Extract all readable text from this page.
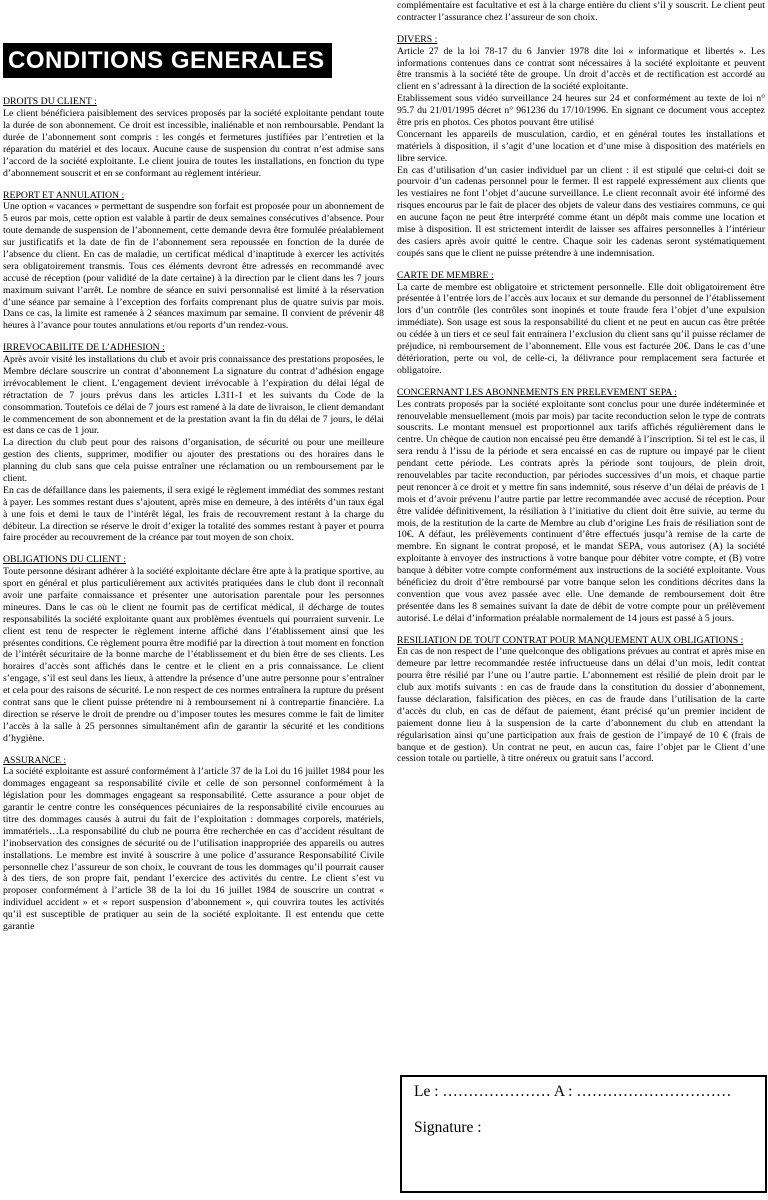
CONDITIONS GENERALES
DROITS DU CLIENT :
Le client bénéficiera paisiblement des services proposés par la société exploitante pendant toute la durée de son abonnement. Ce droit est incessible, inaliénable et non remboursable. Pendant la durée de l’abonnement sont compris : les congés et fermetures justifiées par l’entretien et la réparation du matériel et des locaux. Aucune cause de suspension du contrat n’est admise sans l’accord de la société exploitante. Le client jouira de toutes les installations, en fonction du type d’abonnement souscrit et en se conformant au règlement intérieur.
REPORT ET ANNULATION :
Une option « vacances » permettant de suspendre son forfait est proposée pour un abonnement de 5 euros par mois, cette option est valable à partir de deux semaines consécutives d’absence. Pour toute demande de suspension de l’abonnement, cette demande devra être formulée préalablement sur justificatifs et la date de fin de l’abonnement sera repoussée en fonction de la durée de l’absence du client. En cas de maladie, un certificat médical d’inaptitude à exercer les activités sera obligatoirement transmis. Tous ces éléments devront être adressés en recommandé avec accusé de réception (pour validité de la date certaine) à la direction par le client dans les 7 jours maximum suivant l’arrêt. Le nombre de séance en suivi personnalisé est limité à la réservation d’une séance par semaine à l’exception des forfaits comprenant plus de quatre suivis par mois. Dans ce cas, la limite est ramenée à 2 séances maximum par semaine. Il convient de prévenir 48 heures à l’avance pour toutes annulations et/ou reports d’un rendez-vous.
IRREVOCABILITE DE L’ADHESION :
Après avoir visité les installations du club et avoir pris connaissance des prestations proposées, le Membre déclare souscrire un contrat d’abonnement La signature du contrat d’adhésion engage irrévocablement le client. L’engagement devient irrévocable à l’expiration du délai légal de rétractation de 7 jours prévus dans les articles L311-1 et les suivants du Code de la consommation. Toutefois ce délai de 7 jours est ramené à la date de livraison, le client demandant le commencement de son abonnement et de la prestation avant la fin du délai de 7 jours, le délai est dans ce cas de 1 jour.
La direction du club peut pour des raisons d’organisation, de sécurité ou pour une meilleure gestion des clients, supprimer, modifier ou ajouter des prestations ou des horaires dans le planning du club sans que cela puisse entraîner une réclamation ou un remboursement par le client.
En cas de défaillance dans les paiements, il sera exigé le règlement immédiat des sommes restant à payer. Les sommes restant dues s’ajoutent, après mise en demeure, à des intérêts d’un taux égal à une fois et demi le taux de l’intérêt légal, les frais de recouvrement restant à la charge du débiteur. La direction se réserve le droit d’exiger la totalité des sommes restant à payer et pourra faire procéder au recouvrement de la créance par tout moyen de son choix.
OBLIGATIONS DU CLIENT :
Toute personne désirant adhérer à la société exploitante déclare être apte à la pratique sportive, au sport en général et plus particulièrement aux activités pratiquées dans le club dont il reconnaît avoir une parfaite connaissance et présenter une autorisation parentale pour les personnes mineures. Dans le cas où le client ne fournit pas de certificat médical, il décharge de toutes responsabilités la société exploitante quant aux problèmes éventuels qui pourraient survenir. Le client est tenu de respecter le règlement interne affiché dans l’établissement ainsi que les présentes conditions. Ce règlement pourra être modifié par la direction à tout moment en fonction de l’intérêt sécuritaire de la bonne marche de l’établissement et du bien être de ses clients. Les horaires d’accès sont affichés dans le centre et le client en a pris connaissance. Le client s’engage, s’il est seul dans les lieux, à attendre la présence d’une autre personne pour s’entraîner et cela pour des raisons de sécurité. Le non respect de ces normes entraînera la rupture du présent contrat sans que le client puisse prétendre ni à remboursement ni à contrepartie financière. La direction se réserve le droit de prendre ou d’imposer toutes les mesures comme le fait de limiter l’accès à la salle à 25 personnes simultanément afin de garantir la sécurité et les conditions d’hygiène.
ASSURANCE :
La société exploitante est assuré conformément à l’article 37 de la Loi du 16 juillet 1984 pour les dommages engageant sa responsabilité civile et celle de son personnel conformément à la législation pour les dommages engageant sa responsabilité. Cette assurance a pour objet de garantir le centre contre les conséquences pécuniaires de la responsabilité civile encourues au titre des dommages causés à autrui du fait de l’exploitation : dommages corporels, matériels, immatériels…La responsabilité du club ne pourra être recherchée en cas d’accident résultant de l’inobservation des consignes de sécurité ou de l’utilisation inappropriée des appareils ou autres installations. Le membre est invité à souscrire à une police d’assurance Responsabilité Civile personnelle chez l’assureur de son choix, le couvrant de tous les dommages qu’il pourrait causer à des tiers, de son propre fait, pendant l’exercice des activités du centre. Le client s’est vu proposer conformément à l’article 38 de la loi du 16 juillet 1984 de souscrire un contrat « individuel accident » et « report suspension d’abonnement », qui couvrira toutes les activités qu’il est susceptible de pratiquer au sein de la société exploitante. Il est entendu que cette garantie
complémentaire est facultative et est à la charge entière du client s’il y souscrit. Le client peut contracter l’assurance chez l’assureur de son choix.
DIVERS :
Article 27 de la loi 78-17 du 6 Janvier 1978 dite loi « informatique et libertés ». Les informations contenues dans ce contrat sont nécessaires à la société exploitante et peuvent être transmis à la société tête de groupe. Un droit d’accès et de rectification est accordé au client en s’adressant à la direction de la société exploitante.
Etablissement sous vidéo surveillance 24 heures sur 24 et conformément au texte de loi n° 95.7 du 21/01/1995 décret n° 961236 du 17/10/1996. En signant ce document vous acceptez être pris en photos. Ces photos pouvant être utilisé
Concernant les appareils de musculation, cardio, et en général toutes les installations et matériels à disposition, il s’agit d’une location et d’une mise à disposition des matériels en libre service.
En cas d’utilisation d’un casier individuel par un client : il est stipulé que celui-ci doit se pourvoir d’un cadenas personnel pour le fermer. Il est rappelé expressément aux clients que les vestiaires ne font l’objet d’aucune surveillance. Le client reconnaît avoir été informé des risques encourus par le fait de placer des objets de valeur dans des vestiaires communs, ce qui en aucune façon ne peut être interprété comme étant un dépôt mais comme une location et mise à disposition. Il est strictement interdit de laisser ses affaires personnelles à l’intérieur des casiers après avoir quitté le centre. Chaque soir les cadenas seront systématiquement coupés sans que le client ne puisse prétendre à une indemnisation.
CARTE DE MEMBRE :
La carte de membre est obligatoire et strictement personnelle. Elle doit obligatoirement être présentée à l’entrée lors de l’accès aux locaux et sur demande du personnel de l’établissement lors d’un contrôle (les contrôles sont inopinés et toute fraude fera l’objet d’une expulsion immédiate). Son usage est sous la responsabilité du client et ne peut en aucun cas être prêtée ou cédée à un tiers et ce seul fait entrainera l’exclusion du client sans qu’il puisse réclamer de préjudice, ni remboursement de l’abonnement. Elle vous est facturée 20€. Dans le cas d’une détérioration, perte ou vol, de celle-ci, la délivrance pour remplacement sera facturée et obligatoire.
CONCERNANT LES ABONNEMENTS EN PRELEVEMENT SEPA :
Les contrats proposés par la société exploitante sont conclus pour une durée indéterminée et renouvelable mensuellement (mois par mois) par tacite reconduction selon le type de contrats souscrits. Le montant mensuel est proportionnel aux tarifs affichés régulièrement dans le centre. Un chèque de caution non encaissé peu être demandé à l’inscription. Si tel est le cas, il sera rendu à l’issu de la période et sera encaissé en cas de rupture ou impayé par le client pendant cette période. Les contrats après la période sont toujours, de plein droit, renouvelables par tacite reconduction, par périodes successives d’un mois, et chaque partie peut renoncer à ce droit et y mettre fin sans indemnité, sous réserve d’un délai de préavis de 1 mois et d’avoir prévenu l’autre partie par lettre recommandée avec accusé de réception. Pour être validée définitivement, la résiliation à l’initiative du client doit être suivie, au terme du mois, de la restitution de la carte de Membre au club d’origine Les frais de résiliation sont de 10€. A défaut, les prélèvements continuent d’être effectués jusqu’à remise de la carte de membre. En signant le contrat proposé, et le mandat SEPA, vous autorisez (A) la société exploitante à envoyer des instructions à votre banque pour débiter votre compte, et (B) votre banque à débiter votre compte conformément aux instructions de la société exploitante. Vous bénéficiez du droit d’être remboursé par votre banque selon les conditions décrites dans la convention que vous avez passée avec elle. Une demande de remboursement doit être présentée dans les 8 semaines suivant la date de débit de votre compte pour un prélèvement autorisé. Le délai d’information préalable normalement de 14 jours est passé à 5 jours.
RESILIATION DE TOUT CONTRAT POUR MANQUEMENT AUX OBLIGATIONS :
En cas de non respect de l’une quelconque des obligations prévues au contrat et après mise en demeure par lettre recommandée restée infructueuse dans un délai d’un mois, ledit contrat pourra être résilié par l’une ou l’autre partie. L’abonnement est résilié de plein droit par le club aux motifs suivants : en cas de fraude dans la constitution du dossier d’abonnement, fausse déclaration, falsification des pièces, en cas de fraude dans l’utilisation de la carte d’accès du club, en cas de défaut de paiement, étant précisé qu’un premier incident de paiement donne lieu à la suspension de la carte d’abonnement du club en attendant la régularisation ainsi qu’une participation aux frais de gestion de l’impayé de 10 € (frais de banque et de gestion). Un contrat ne peut, en aucun cas, faire l’objet par le Client d’une cession totale ou partielle, à titre onéreux ou gratuit sans l’accord.
Le : ………………… A : …………………………
Signature :
